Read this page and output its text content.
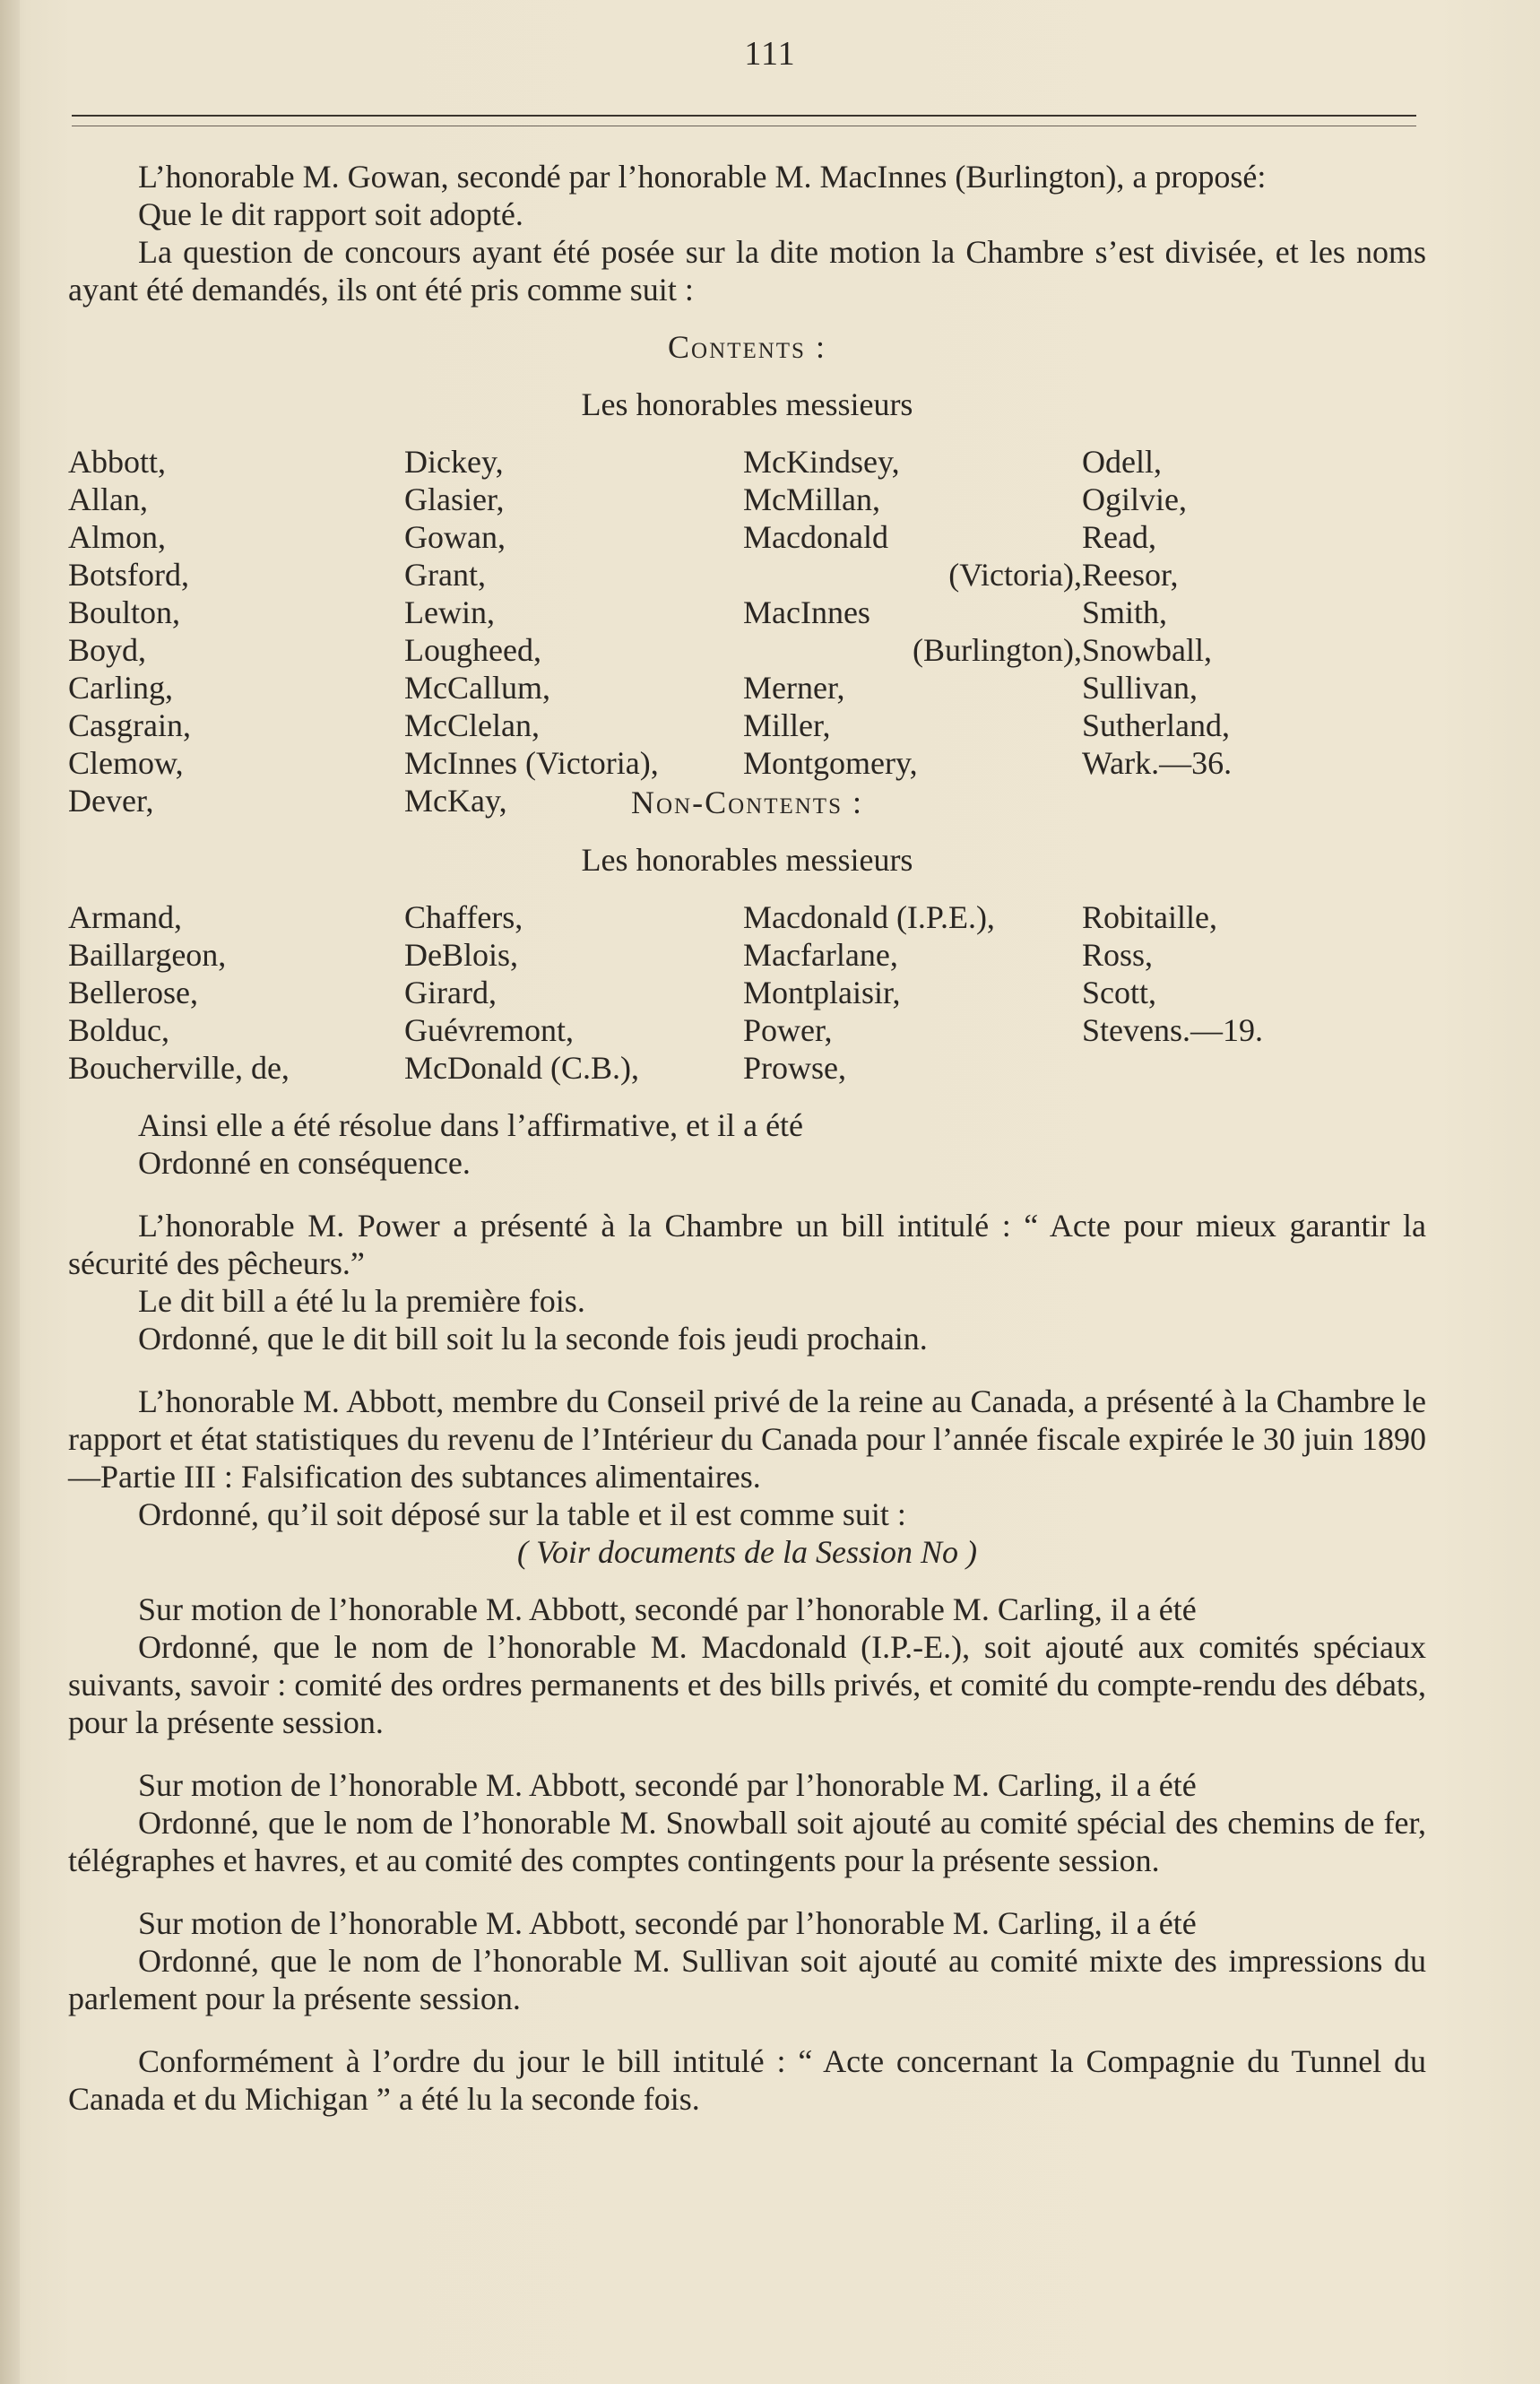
111

L’honorable M. Gowan, secondé par l’honorable M. MacInnes (Burlington), a proposé:

Que le dit rapport soit adopté.

La question de concours ayant été posée sur la dite motion la Chambre s’est divisée, et les noms ayant été demandés, ils ont été pris comme suit :

Contents :

Les honorables messieurs

Abbott,
Allan,
Almon,
Botsford,
Boulton,
Boyd,
Carling,
Casgrain,
Clemow,
Dever,
Dickey,
Glasier,
Gowan,
Grant,
Lewin,
Lougheed,
McCallum,
McClelan,
McInnes (Victoria),
McKay,
McKindsey,
McMillan,
Macdonald
(Victoria),
MacInnes
(Burlington),
Merner,
Miller,
Montgomery,
Odell,
Ogilvie,
Read,
Reesor,
Smith,
Snowball,
Sullivan,
Sutherland,
Wark.—36.

Non-Contents :

Les honorables messieurs

Armand,
Baillargeon,
Bellerose,
Bolduc,
Boucherville, de,
Chaffers,
DeBlois,
Girard,
Guévremont,
McDonald (C.B.),
Macdonald (I.P.E.),
Macfarlane,
Montplaisir,
Power,
Prowse,
Robitaille,
Ross,
Scott,
Stevens.—19.

Ainsi elle a été résolue dans l’affirmative, et il a été

Ordonné en conséquence.

L’honorable M. Power a présenté à la Chambre un bill intitulé : “ Acte pour mieux garantir la sécurité des pêcheurs.”

Le dit bill a été lu la première fois.

Ordonné, que le dit bill soit lu la seconde fois jeudi prochain.

L’honorable M. Abbott, membre du Conseil privé de la reine au Canada, a présenté à la Chambre le rapport et état statistiques du revenu de l’Intérieur du Canada pour l’année fiscale expirée le 30 juin 1890—Partie III : Falsification des subtances alimentaires.

Ordonné, qu’il soit déposé sur la table et il est comme suit :

( Voir documents de la Session No )

Sur motion de l’honorable M. Abbott, secondé par l’honorable M. Carling, il a été

Ordonné, que le nom de l’honorable M. Macdonald (I.P.-E.), soit ajouté aux comités spéciaux suivants, savoir : comité des ordres permanents et des bills privés, et comité du compte-rendu des débats, pour la présente session.

Sur motion de l’honorable M. Abbott, secondé par l’honorable M. Carling, il a été

Ordonné, que le nom de l’honorable M. Snowball soit ajouté au comité spécial des chemins de fer, télégraphes et havres, et au comité des comptes contingents pour la présente session.

Sur motion de l’honorable M. Abbott, secondé par l’honorable M. Carling, il a été

Ordonné, que le nom de l’honorable M. Sullivan soit ajouté au comité mixte des impressions du parlement pour la présente session.

Conformément à l’ordre du jour le bill intitulé : “ Acte concernant la Compagnie du Tunnel du Canada et du Michigan ” a été lu la seconde fois.
